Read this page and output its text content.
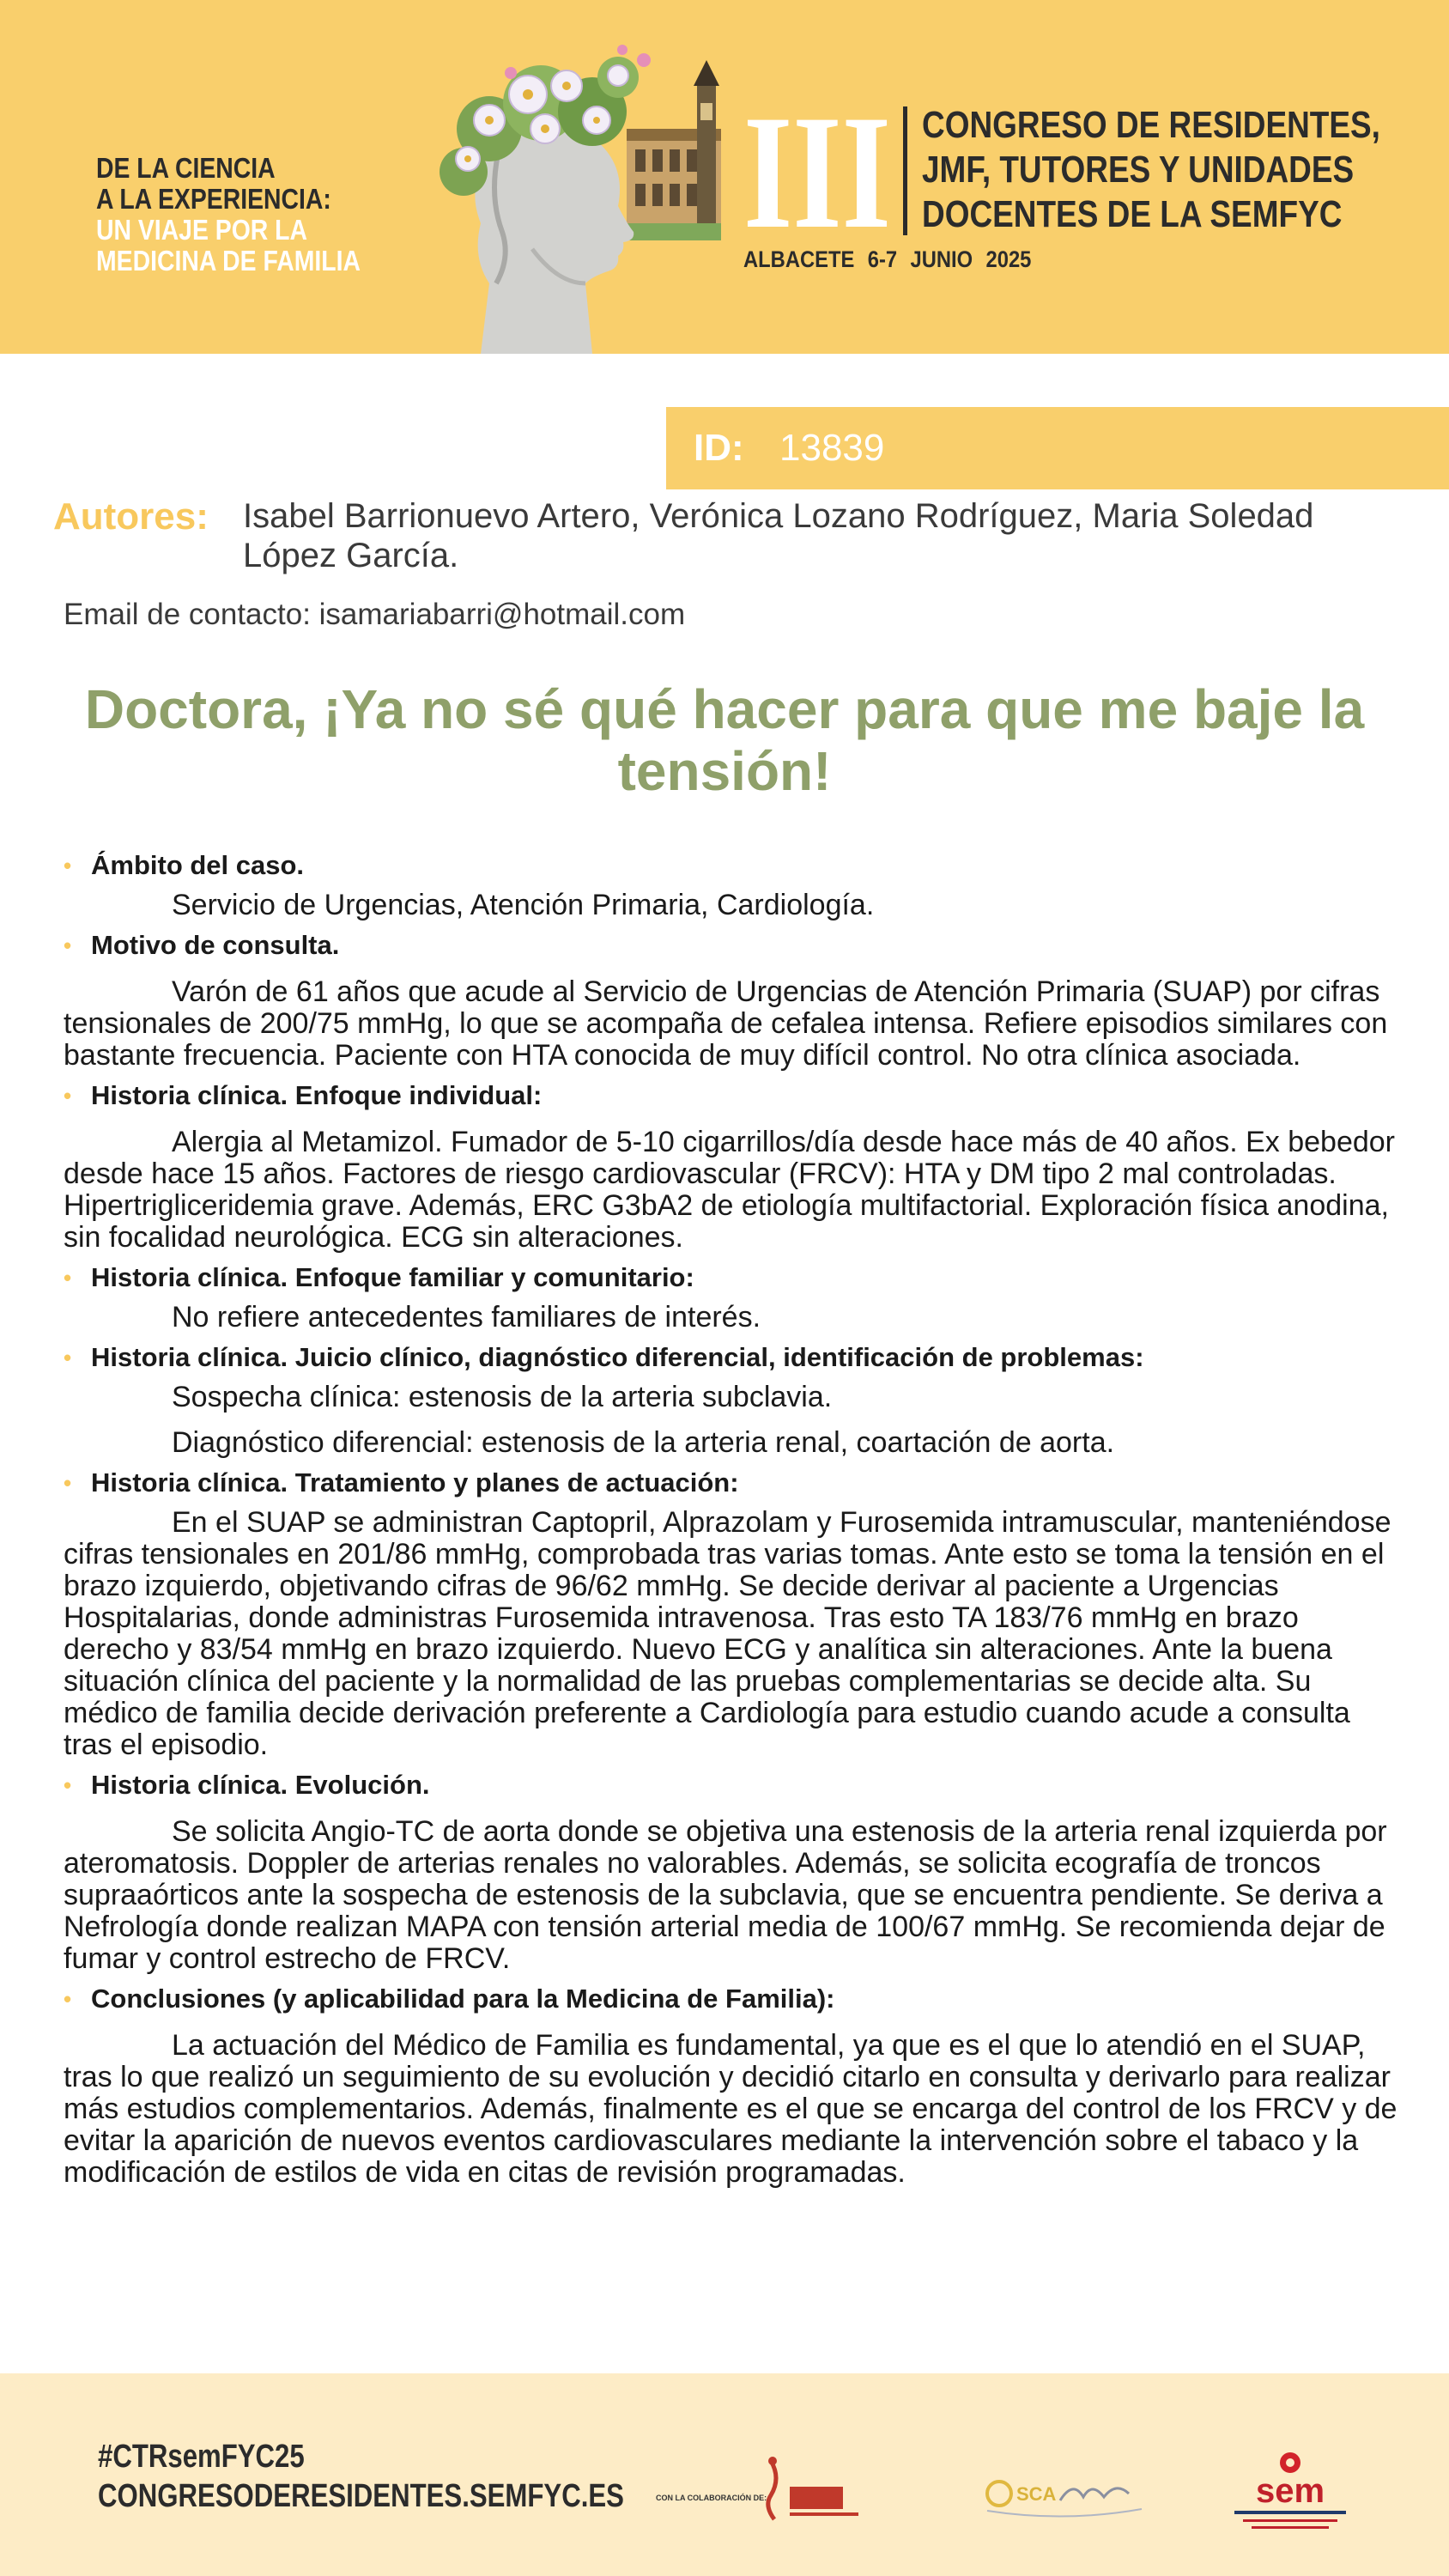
DE LA CIENCIA
A LA EXPERIENCIA:
UN VIAJE POR LA
MEDICINA DE FAMILIA III CONGRESO DE RESIDENTES,
JMF, TUTORES Y UNIDADES
DOCENTES DE LA SEMFYC
ALBACETE 6-7 JUNIO 2025
ID: 13839
Autores: Isabel Barrionuevo Artero, Verónica Lozano Rodríguez, Maria Soledad López García.
Email de contacto: isamariabarri@hotmail.com
Doctora, ¡Ya no sé qué hacer para que me baje la tensión!
• Ámbito del caso.

Servicio de Urgencias, Atención Primaria, Cardiología.

• Motivo de consulta.

Varón de 61 años que acude al Servicio de Urgencias de Atención Primaria (SUAP) por cifras tensionales de 200/75 mmHg, lo que se acompaña de cefalea intensa. Refiere episodios similares con bastante frecuencia. Paciente con HTA conocida de muy difícil control. No otra clínica asociada.

• Historia clínica. Enfoque individual:

Alergia al Metamizol. Fumador de 5-10 cigarrillos/día desde hace más de 40 años. Ex bebedor desde hace 15 años. Factores de riesgo cardiovascular (FRCV): HTA y DM tipo 2 mal controladas. Hipertrigliceridemia grave. Además, ERC G3bA2 de etiología multifactorial. Exploración física anodina, sin focalidad neurológica. ECG sin alteraciones.

• Historia clínica. Enfoque familiar y comunitario:

No refiere antecedentes familiares de interés.

• Historia clínica. Juicio clínico, diagnóstico diferencial, identificación de problemas:

Sospecha clínica: estenosis de la arteria subclavia.

Diagnóstico diferencial: estenosis de la arteria renal, coartación de aorta.

• Historia clínica. Tratamiento y planes de actuación:

En el SUAP se administran Captopril, Alprazolam y Furosemida intramuscular, manteniéndose cifras tensionales en 201/86 mmHg, comprobada tras varias tomas. Ante esto se toma la tensión en el brazo izquierdo, objetivando cifras de 96/62 mmHg. Se decide derivar al paciente a Urgencias Hospitalarias, donde administras Furosemida intravenosa. Tras esto TA 183/76 mmHg en brazo derecho y 83/54 mmHg en brazo izquierdo. Nuevo ECG y analítica sin alteraciones. Ante la buena situación clínica del paciente y la normalidad de las pruebas complementarias se decide alta. Su médico de familia decide derivación preferente a Cardiología para estudio cuando acude a consulta tras el episodio.

• Historia clínica. Evolución.

Se solicita Angio-TC de aorta donde se objetiva una estenosis de la arteria renal izquierda por ateromatosis. Doppler de arterias renales no valorables. Además, se solicita ecografía de troncos supraaórticos ante la sospecha de estenosis de la subclavia, que se encuentra pendiente. Se deriva a Nefrología donde realizan MAPA con tensión arterial media de 100/67 mmHg. Se recomienda dejar de fumar y control estrecho de FRCV.

• Conclusiones (y aplicabilidad para la Medicina de Familia):

La actuación del Médico de Familia es fundamental, ya que es el que lo atendió en el SUAP, tras lo que realizó un seguimiento de su evolución y decidió citarlo en consulta y derivarlo para realizar más estudios complementarios. Además, finalmente es el que se encarga del control de los FRCV y de evitar la aparición de nuevos eventos cardiovasculares mediante la intervención sobre el tabaco y la modificación de estilos de vida en citas de revisión programadas.

#CTRsemFYC25
CONGRESODERESIDENTES.SEMFYC.ES	CON LA COLABORACIÓN DE:	SCA	sem
